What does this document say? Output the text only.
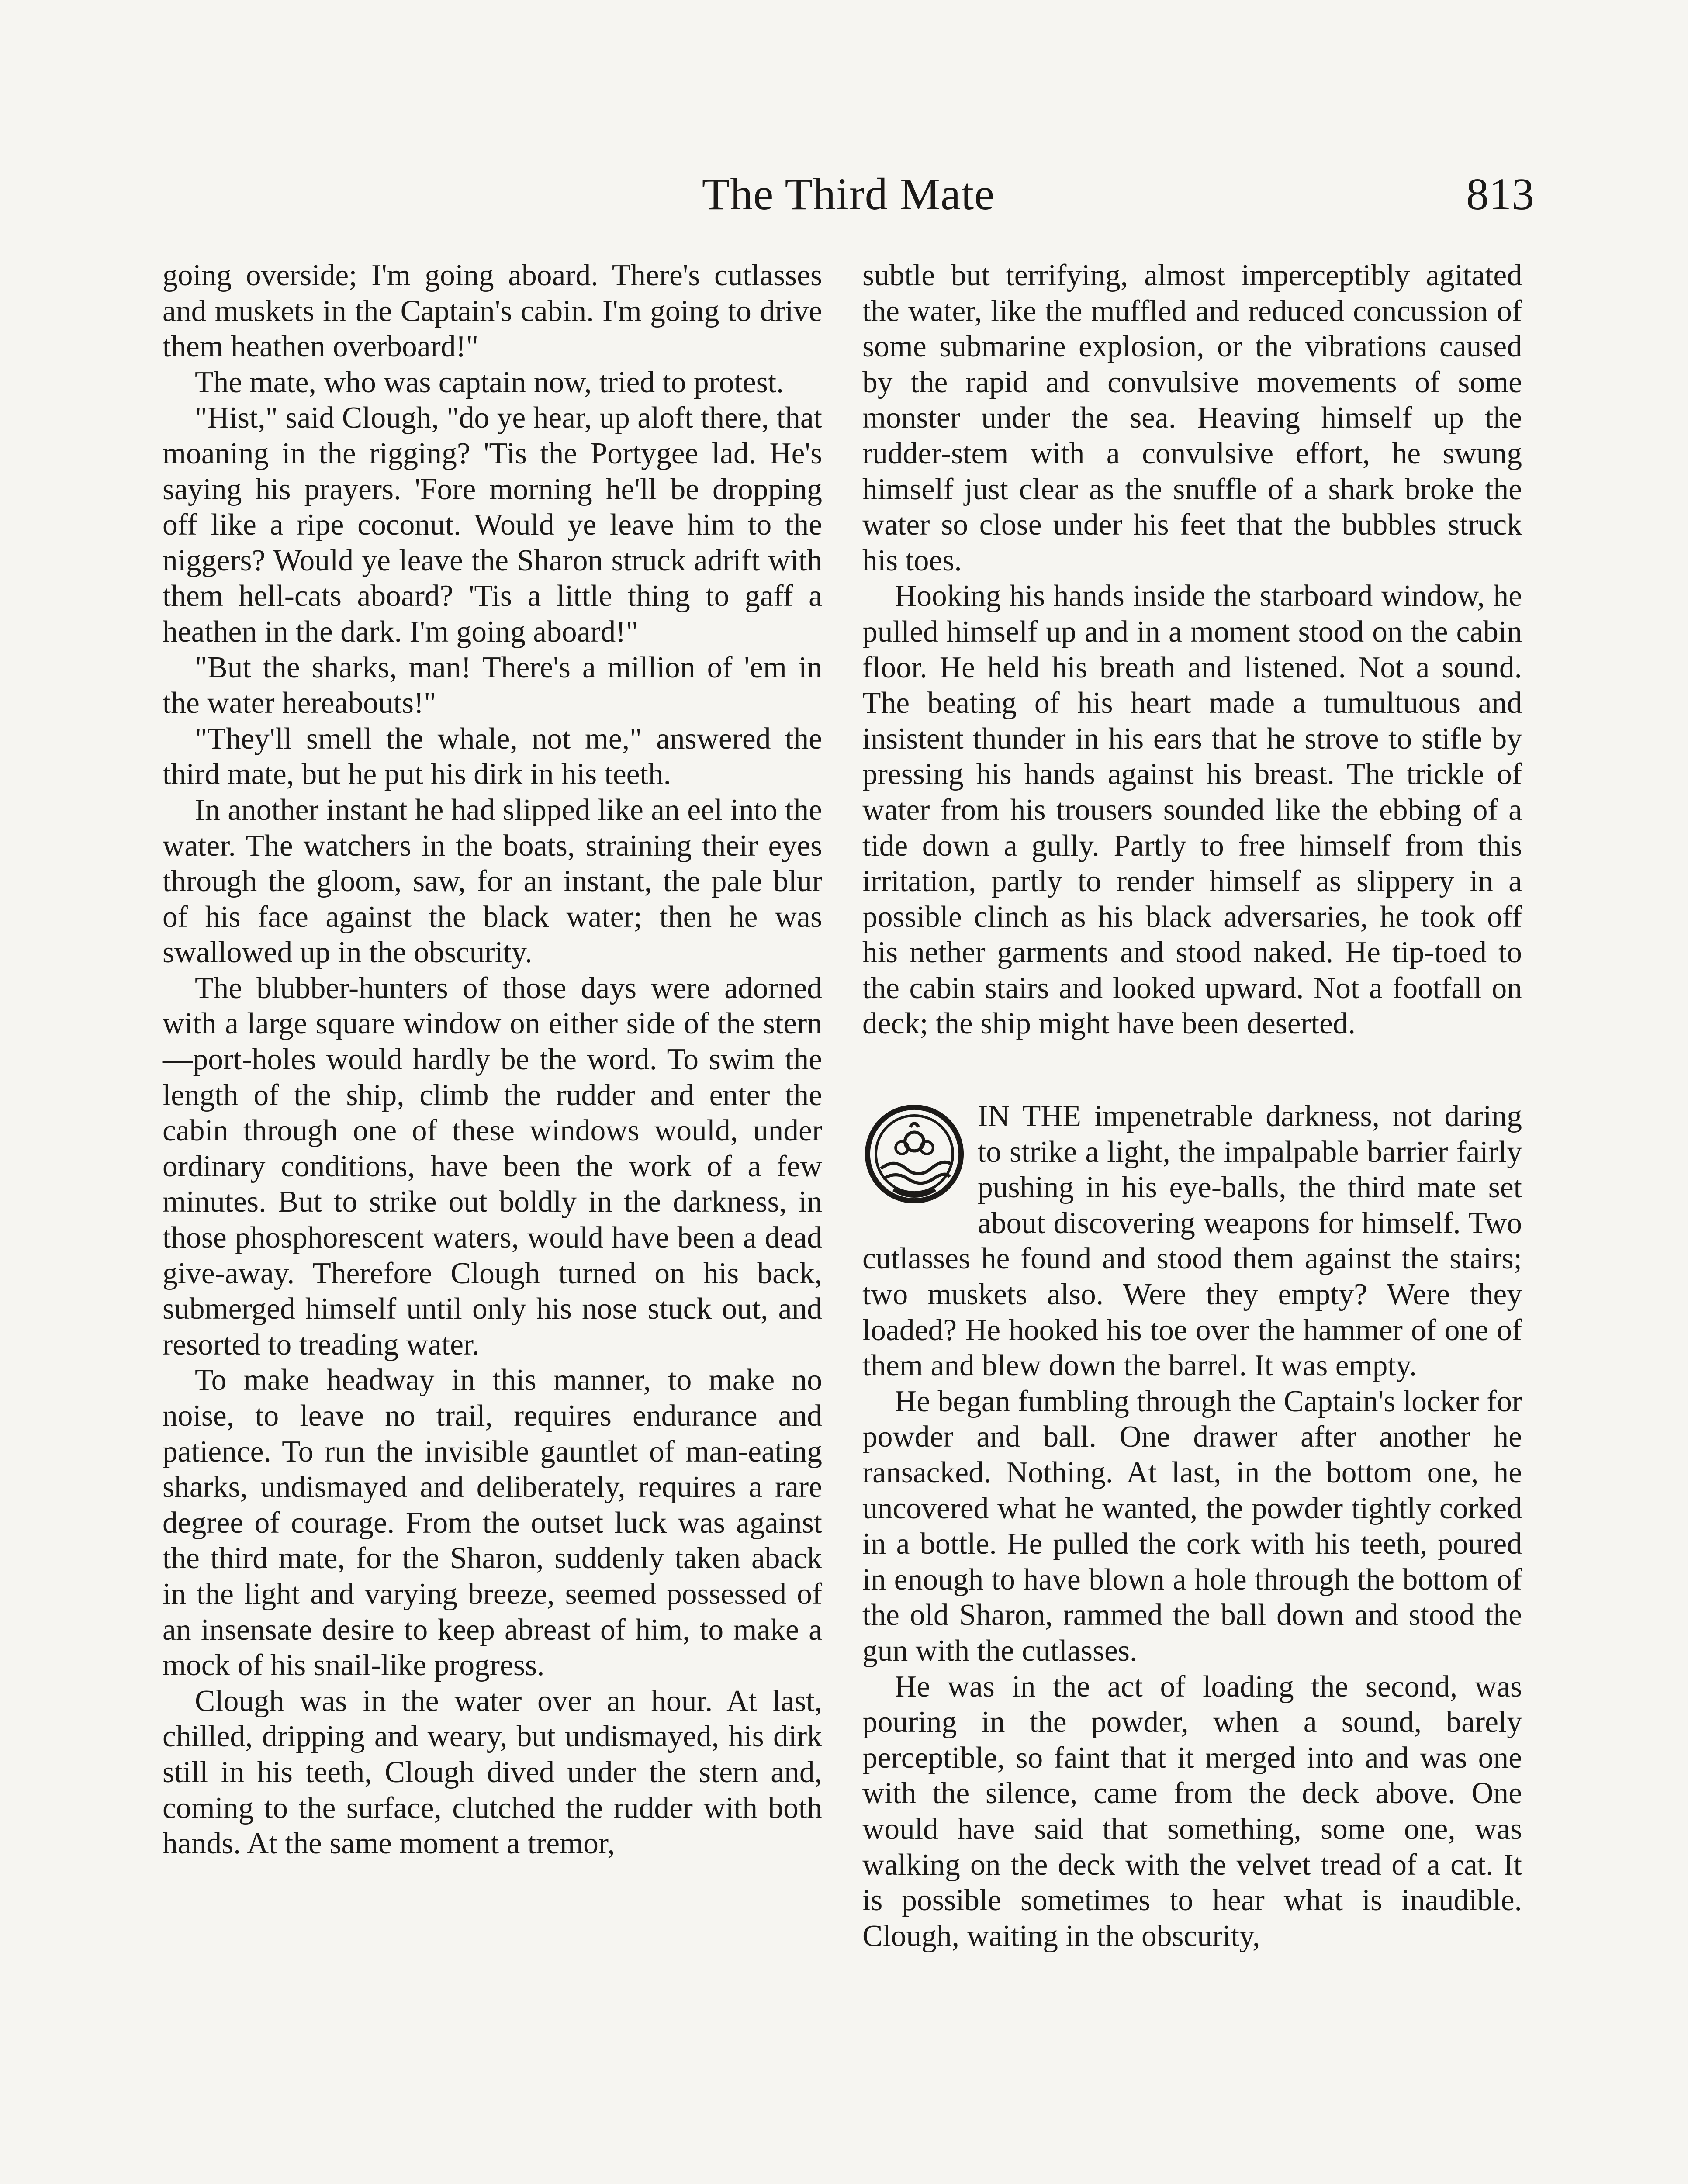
The Third Mate	813

going overside; I'm going aboard. There's cutlasses and muskets in the Captain's cabin. I'm going to drive them heathen overboard!"

The mate, who was captain now, tried to protest.

"Hist," said Clough, "do ye hear, up aloft there, that moaning in the rigging? 'Tis the Portygee lad. He's saying his prayers. 'Fore morning he'll be dropping off like a ripe coconut. Would ye leave him to the niggers? Would ye leave the Sharon struck adrift with them hell-cats aboard? 'Tis a little thing to gaff a heathen in the dark. I'm going aboard!"

"But the sharks, man! There's a million of 'em in the water hereabouts!"

"They'll smell the whale, not me," answered the third mate, but he put his dirk in his teeth.

In another instant he had slipped like an eel into the water. The watchers in the boats, straining their eyes through the gloom, saw, for an instant, the pale blur of his face against the black water; then he was swallowed up in the obscurity.

The blubber-hunters of those days were adorned with a large square window on either side of the stern—port-holes would hardly be the word. To swim the length of the ship, climb the rudder and enter the cabin through one of these windows would, under ordinary conditions, have been the work of a few minutes. But to strike out boldly in the darkness, in those phosphorescent waters, would have been a dead give-away. Therefore Clough turned on his back, submerged himself until only his nose stuck out, and resorted to treading water.

To make headway in this manner, to make no noise, to leave no trail, requires endurance and patience. To run the invisible gauntlet of man-eating sharks, undismayed and deliberately, requires a rare degree of courage. From the outset luck was against the third mate, for the Sharon, suddenly taken aback in the light and varying breeze, seemed possessed of an insensate desire to keep abreast of him, to make a mock of his snail-like progress.

Clough was in the water over an hour. At last, chilled, dripping and weary, but undismayed, his dirk still in his teeth, Clough dived under the stern and, coming to the surface, clutched the rudder with both hands. At the same moment a tremor,

subtle but terrifying, almost imperceptibly agitated the water, like the muffled and reduced concussion of some submarine explosion, or the vibrations caused by the rapid and convulsive movements of some monster under the sea. Heaving himself up the rudder-stem with a convulsive effort, he swung himself just clear as the snuffle of a shark broke the water so close under his feet that the bubbles struck his toes.

Hooking his hands inside the starboard window, he pulled himself up and in a moment stood on the cabin floor. He held his breath and listened. Not a sound. The beating of his heart made a tumultuous and insistent thunder in his ears that he strove to stifle by pressing his hands against his breast. The trickle of water from his trousers sounded like the ebbing of a tide down a gully. Partly to free himself from this irritation, partly to render himself as slippery in a possible clinch as his black adversaries, he took off his nether garments and stood naked. He tip-toed to the cabin stairs and looked upward. Not a footfall on deck; the ship might have been deserted.

IN THE impenetrable darkness, not daring to strike a light, the impalpable barrier fairly pushing in his eye-balls, the third mate set about discovering weapons for himself. Two cutlasses he found and stood them against the stairs; two muskets also. Were they empty? Were they loaded? He hooked his toe over the hammer of one of them and blew down the barrel. It was empty.

He began fumbling through the Captain's locker for powder and ball. One drawer after another he ransacked. Nothing. At last, in the bottom one, he uncovered what he wanted, the powder tightly corked in a bottle. He pulled the cork with his teeth, poured in enough to have blown a hole through the bottom of the old Sharon, rammed the ball down and stood the gun with the cutlasses.

He was in the act of loading the second, was pouring in the powder, when a sound, barely perceptible, so faint that it merged into and was one with the silence, came from the deck above. One would have said that something, some one, was walking on the deck with the velvet tread of a cat. It is possible sometimes to hear what is inaudible. Clough, waiting in the obscurity,
